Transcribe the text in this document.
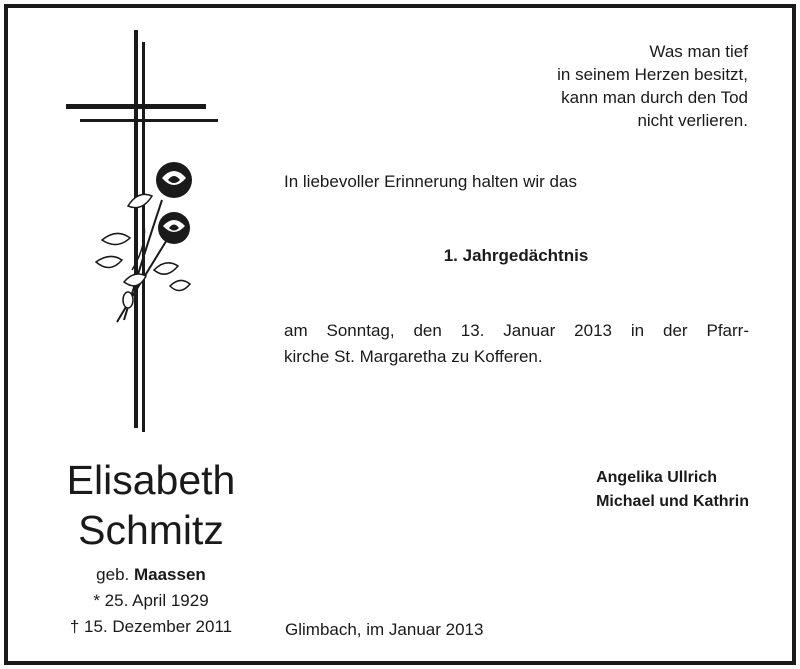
Was man tief
in seinem Herzen besitzt,
kann man durch den Tod
nicht verlieren.
In liebevoller Erinnerung halten wir das
1. Jahrgedächtnis
am Sonntag, den 13. Januar 2013 in der Pfarr-
kirche St. Margaretha zu Kofferen.
Elisabeth
Schmitz
geb. Maassen
* 25. April 1929
† 15. Dezember 2011
Angelika Ullrich
Michael und Kathrin
Glimbach, im Januar 2013
